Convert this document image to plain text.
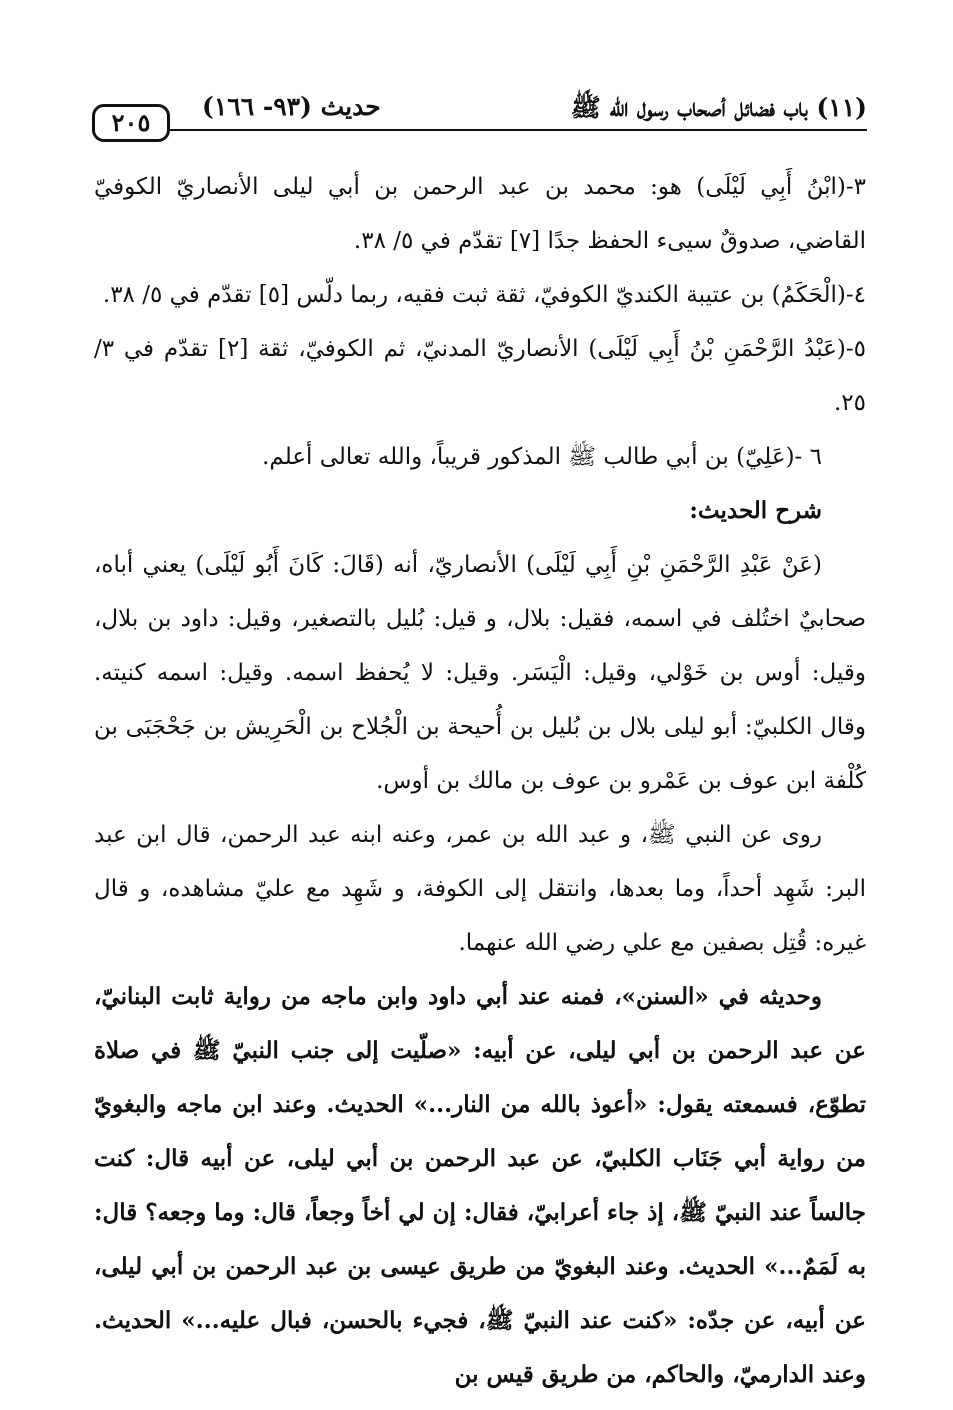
(١١) باب فضائل أصحاب رسول الله ﷺ
حديث (٩٣- ١٦٦)
٢٠٥

٣-(ابْنُ أَبِي لَيْلَى) هو: محمد بن عبد الرحمن بن أبي ليلى الأنصاريّ الكوفيّ القاضي، صدوقٌ سيىء الحفظ جدًا [٧] تقدّم في ٥/ ٣٨.

٤-(الْحَكَمُ) بن عتيبة الكنديّ الكوفيّ، ثقة ثبت فقيه، ربما دلّس [٥] تقدّم في ٥/ ٣٨.

٥-(عَبْدُ الرَّحْمَنِ بْنُ أَبِي لَيْلَى) الأنصاريّ المدنيّ، ثم الكوفيّ، ثقة [٢] تقدّم في ٣/ ٢٥.

٦ -(عَلِيّ) بن أبي طالب ﷺ المذكور قريباً، والله تعالى أعلم.

شرح الحديث:

(عَنْ عَبْدِ الرَّحْمَنِ بْنِ أَبِي لَيْلَى) الأنصاريّ، أنه (قَالَ: كَانَ أَبُو لَيْلَى) يعني أباه، صحابيٌ اختُلف في اسمه، فقيل: بلال، و قيل: بُليل بالتصغير، وقيل: داود بن بلال، وقيل: أوس بن خَوْلي، وقيل: الْيَسَر. وقيل: لا يُحفظ اسمه. وقيل: اسمه كنيته. وقال الكلبيّ: أبو ليلى بلال بن بُليل بن أُحيحة بن الْجُلاح بن الْحَرِيش بن جَحْجَبَى بن كُلْفة ابن عوف بن عَمْرو بن عوف بن مالك بن أوس.

روى عن النبي ﷺ، و عبد الله بن عمر، وعنه ابنه عبد الرحمن، قال ابن عبد البر: شَهِد أحداً، وما بعدها، وانتقل إلى الكوفة، و شَهِد مع عليّ مشاهده، و قال غيره: قُتِل بصفين مع علي رضي الله عنهما.

وحديثه في «السنن»، فمنه عند أبي داود وابن ماجه من رواية ثابت البنانيّ، عن عبد الرحمن بن أبي ليلى، عن أبيه: «صلّيت إلى جنب النبيّ ﷺ في صلاة تطوّع، فسمعته يقول: «أعوذ بالله من النار...» الحديث. وعند ابن ماجه والبغويّ من رواية أبي جَنَاب الكلبيّ، عن عبد الرحمن بن أبي ليلى، عن أبيه قال: كنت جالساً عند النبيّ ﷺ، إذ جاء أعرابيّ، فقال: إن لي أخاً وجعاً، قال: وما وجعه؟ قال: به لَمَمٌ...» الحديث. وعند البغويّ من طريق عيسى بن عبد الرحمن بن أبي ليلى، عن أبيه، عن جدّه: «كنت عند النبيّ ﷺ، فجيء بالحسن، فبال عليه...» الحديث. وعند الدارميّ، والحاكم، من طريق قيس بن
